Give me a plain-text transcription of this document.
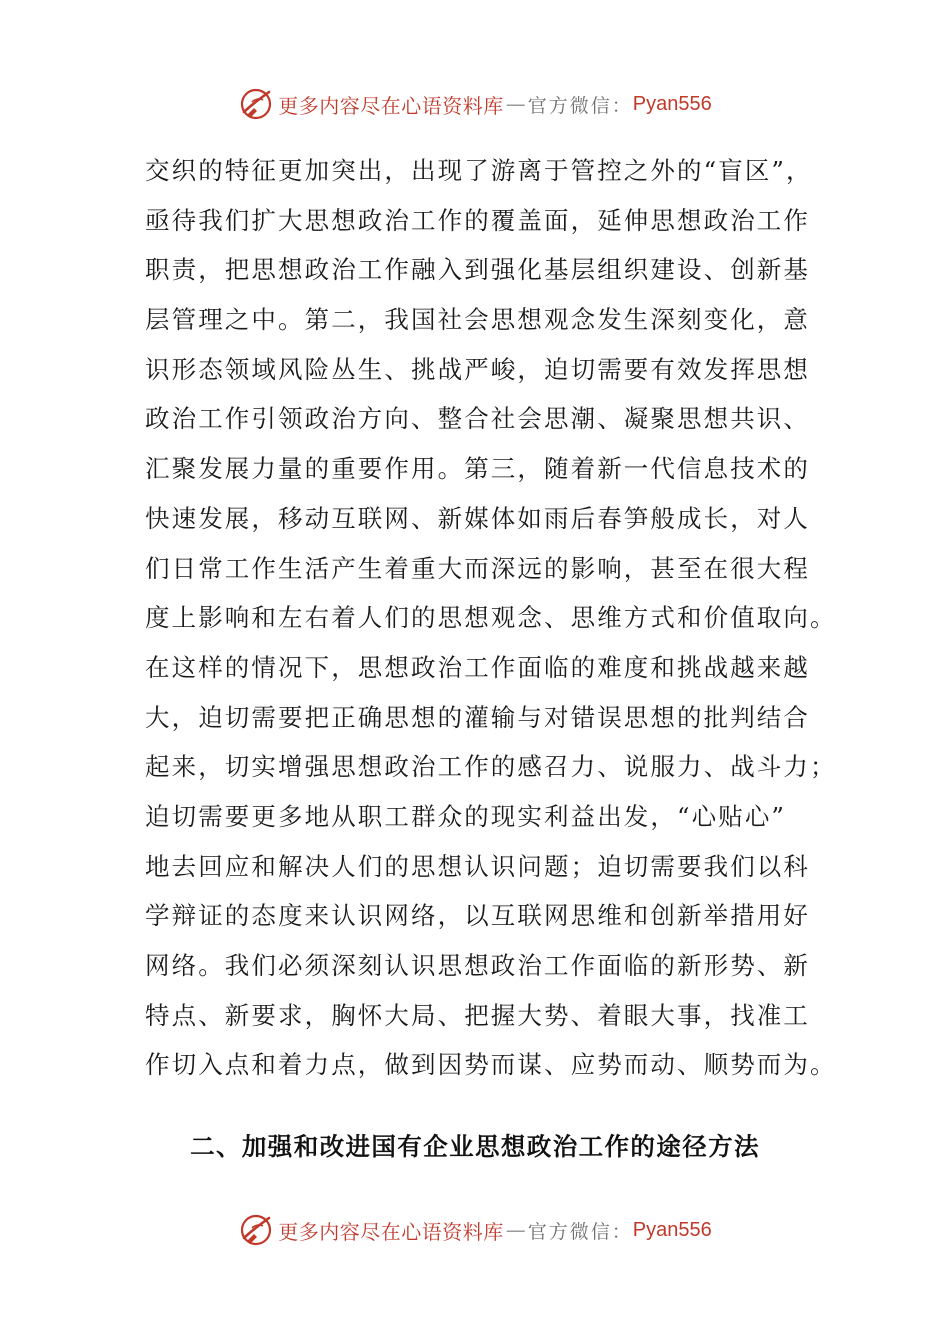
更多内容尽在心语资料库 — 官方微信： Pyan556
交织的特征更加突出，出现了游离于管控之外的“盲区”，
亟待我们扩大思想政治工作的覆盖面，延伸思想政治工作
职责，把思想政治工作融入到强化基层组织建设、创新基
层管理之中。第二，我国社会思想观念发生深刻变化，意
识形态领域风险丛生、挑战严峻，迫切需要有效发挥思想
政治工作引领政治方向、整合社会思潮、凝聚思想共识、
汇聚发展力量的重要作用。第三，随着新一代信息技术的
快速发展，移动互联网、新媒体如雨后春笋般成长，对人
们日常工作生活产生着重大而深远的影响，甚至在很大程
度上影响和左右着人们的思想观念、思维方式和价值取向。
在这样的情况下，思想政治工作面临的难度和挑战越来越
大，迫切需要把正确思想的灌输与对错误思想的批判结合
起来，切实增强思想政治工作的感召力、说服力、战斗力；
迫切需要更多地从职工群众的现实利益出发，“心贴心”
地去回应和解决人们的思想认识问题；迫切需要我们以科
学辩证的态度来认识网络，以互联网思维和创新举措用好
网络。我们必须深刻认识思想政治工作面临的新形势、新
特点、新要求，胸怀大局、把握大势、着眼大事，找准工
作切入点和着力点，做到因势而谋、应势而动、顺势而为。
二、加强和改进国有企业思想政治工作的途径方法
更多内容尽在心语资料库 — 官方微信： Pyan556
